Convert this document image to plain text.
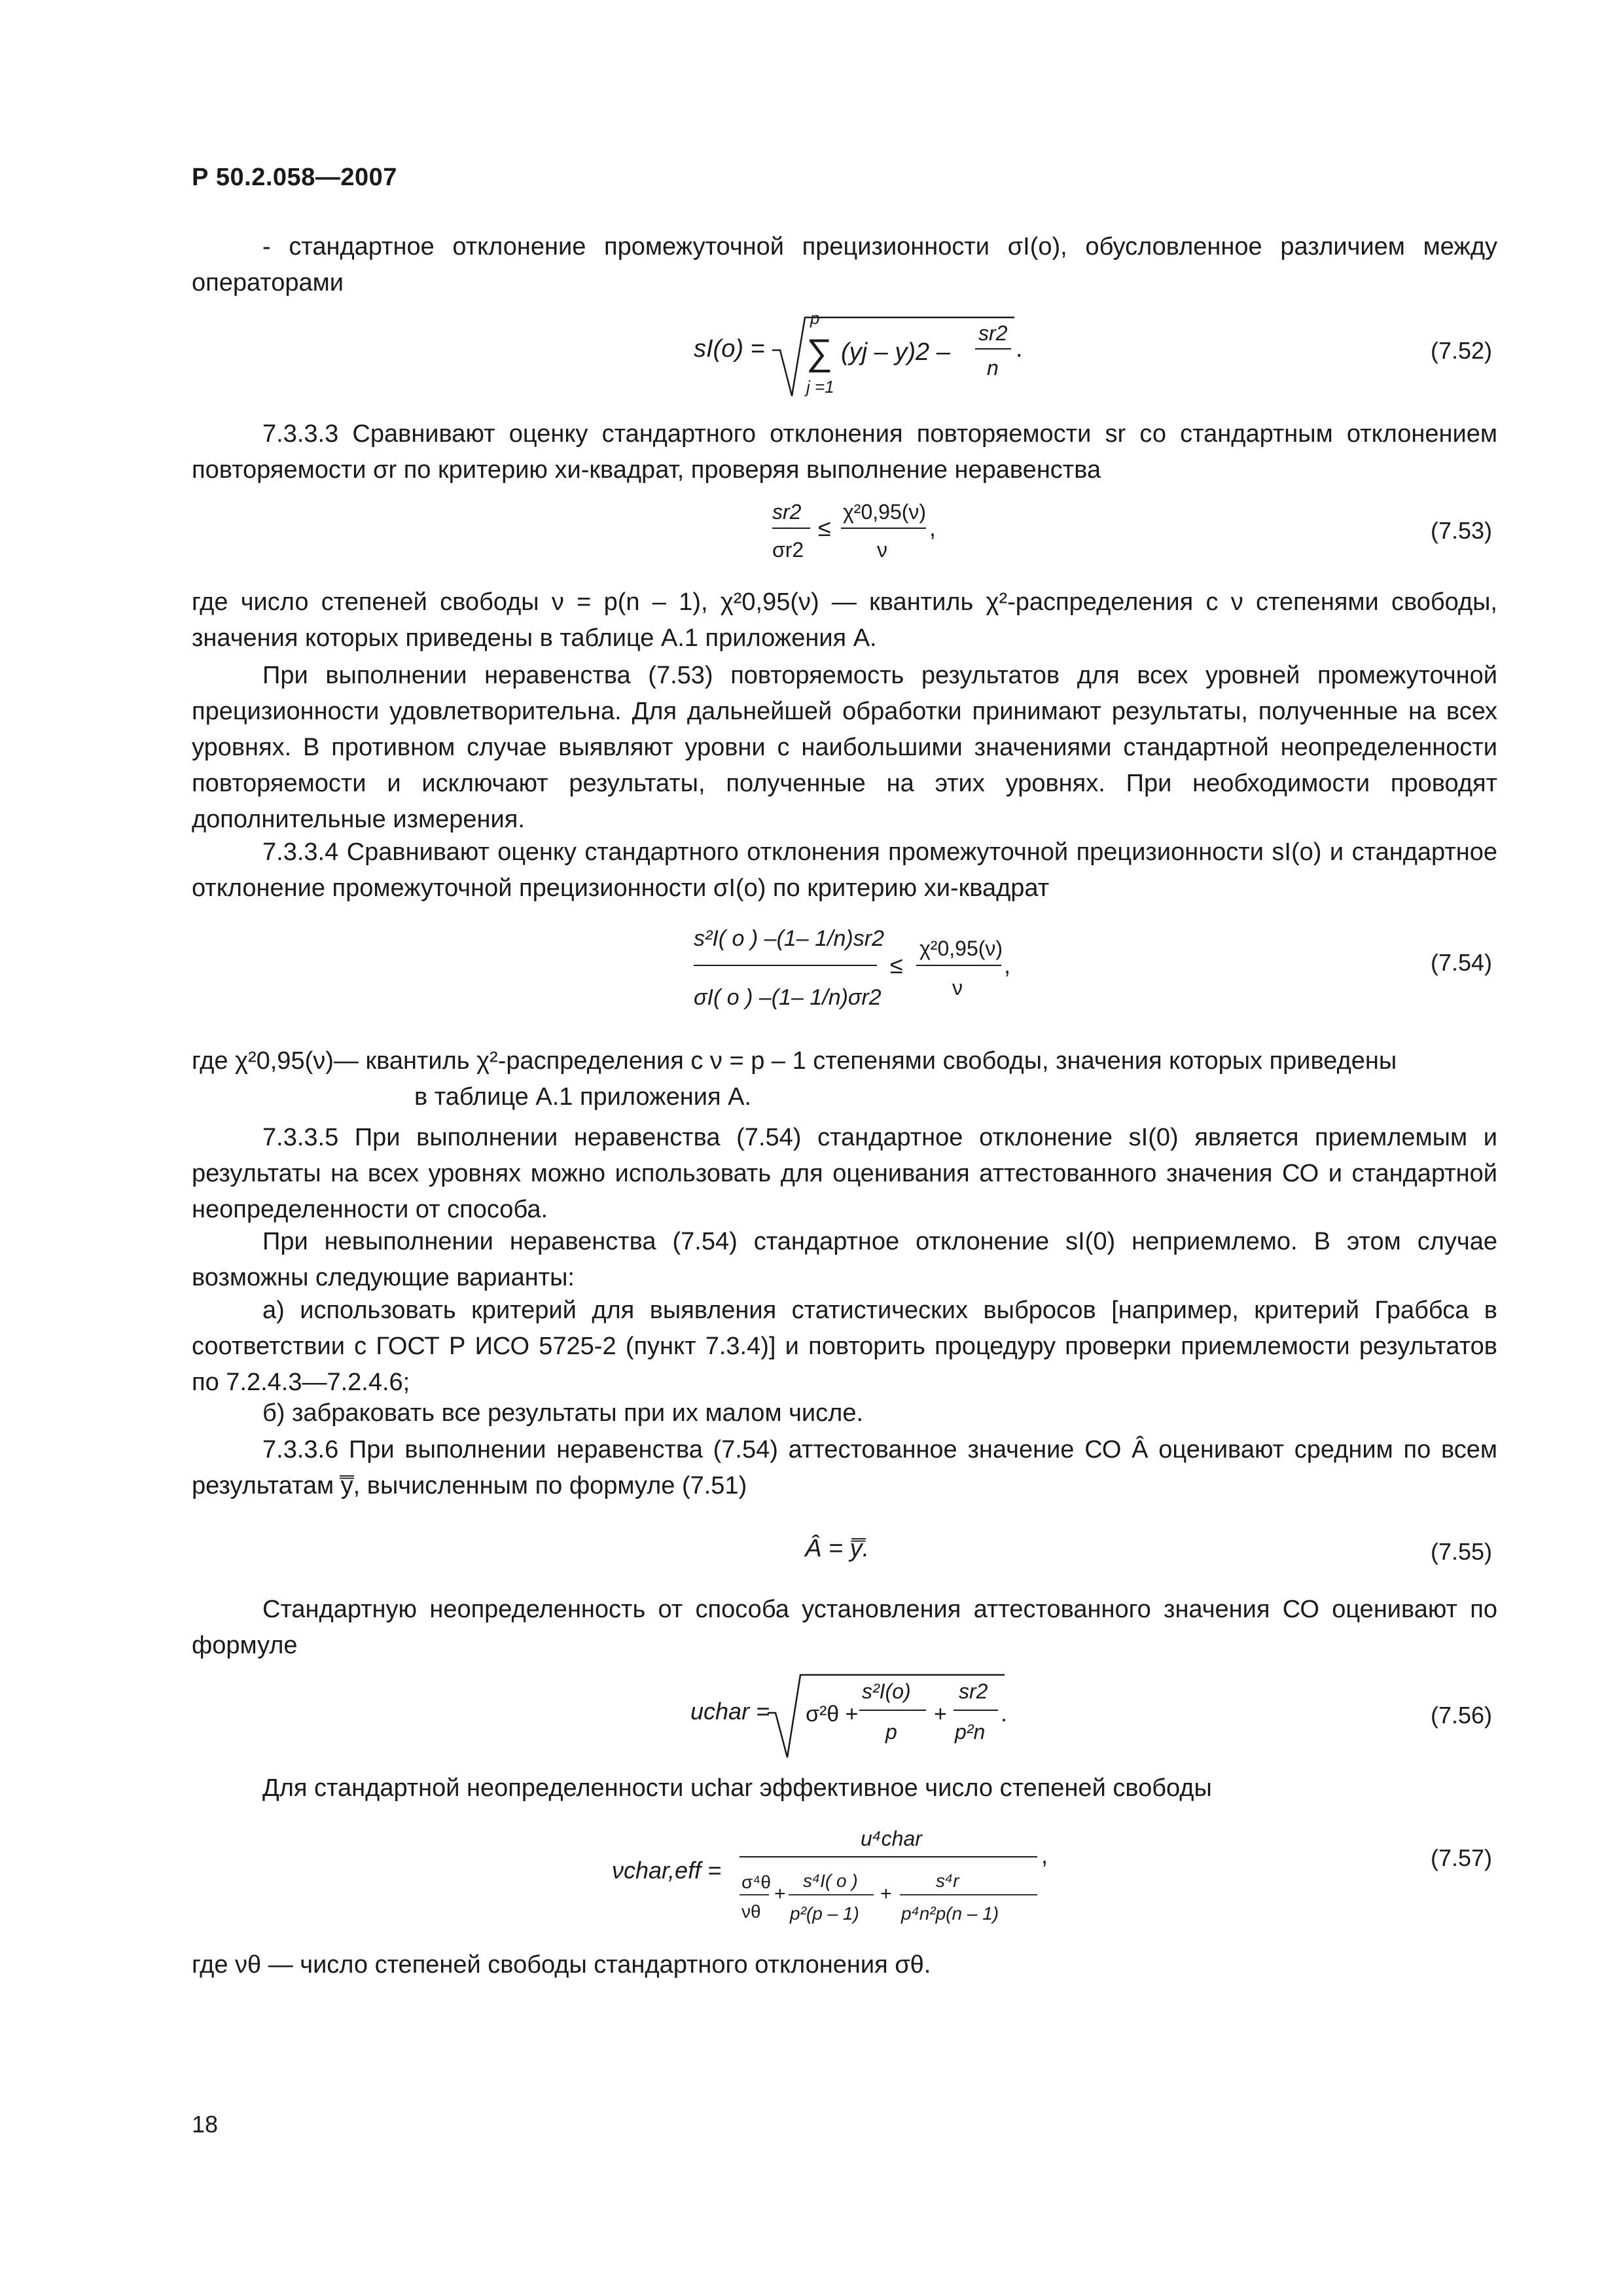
Р 50.2.058—2007
- стандартное отклонение промежуточной прецизионности σI(o), обусловленное различием между операторами
sI(o) =
p
∑
j =1
(yj – y)2 –
sr2
n
.	(7.52)
7.3.3.3 Сравнивают оценку стандартного отклонения повторяемости sr со стандартным отклонением повторяемости σr по критерию хи-квадрат, проверяя выполнение неравенства
sr2
σr2
≤
χ²0,95(ν)
ν
,	(7.53)
где число степеней свободы ν = p(n – 1), χ²0,95(ν) — квантиль χ²-распределения с ν степенями свободы, значения которых приведены в таблице А.1 приложения А.
При выполнении неравенства (7.53) повторяемость результатов для всех уровней промежуточной прецизионности удовлетворительна. Для дальнейшей обработки принимают результаты, полученные на всех уровнях. В противном случае выявляют уровни с наибольшими значениями стандартной неопределенности повторяемости и исключают результаты, полученные на этих уровнях. При необходимости проводят дополнительные измерения.
7.3.3.4 Сравнивают оценку стандартного отклонения промежуточной прецизионности sI(o) и стандартное отклонение промежуточной прецизионности σI(o) по критерию хи-квадрат
s²I( o ) –(1– 1/n)sr2
σI( o ) –(1– 1/n)σr2
≤
χ²0,95(ν)
ν
,	(7.54)
где χ²0,95(ν)— квантиль χ²-распределения с ν = p – 1 степенями свободы, значения которых приведены
в таблице А.1 приложения А.
7.3.3.5 При выполнении неравенства (7.54) стандартное отклонение sI(0) является приемлемым и результаты на всех уровнях можно использовать для оценивания аттестованного значения СО и стандартной неопределенности от способа.
При невыполнении неравенства (7.54) стандартное отклонение sI(0) неприемлемо. В этом случае возможны следующие варианты:
а) использовать критерий для выявления статистических выбросов [например, критерий Граббса в соответствии с ГОСТ Р ИСО 5725-2 (пункт 7.3.4)] и повторить процедуру проверки приемлемости результатов по 7.2.4.3—7.2.4.6;
б) забраковать все результаты при их малом числе.
7.3.3.6 При выполнении неравенства (7.54) аттестованное значение СО Â оценивают средним по всем результатам y̿, вычисленным по формуле (7.51)
Â = y̿.	(7.55)
Стандартную неопределенность от способа установления аттестованного значения СО оценивают по формуле
uchar = σ²θ +
s²I(o)
p
+
sr2
p²n
.	(7.56)
Для стандартной неопределенности uchar эффективное число степеней свободы
νchar,eff =
u⁴char
σ⁴θ
νθ
+
s⁴I( o )
p²(p – 1)
+
s⁴r
p⁴n²p(n – 1)
,	(7.57)
где νθ — число степеней свободы стандартного отклонения σθ.
18
